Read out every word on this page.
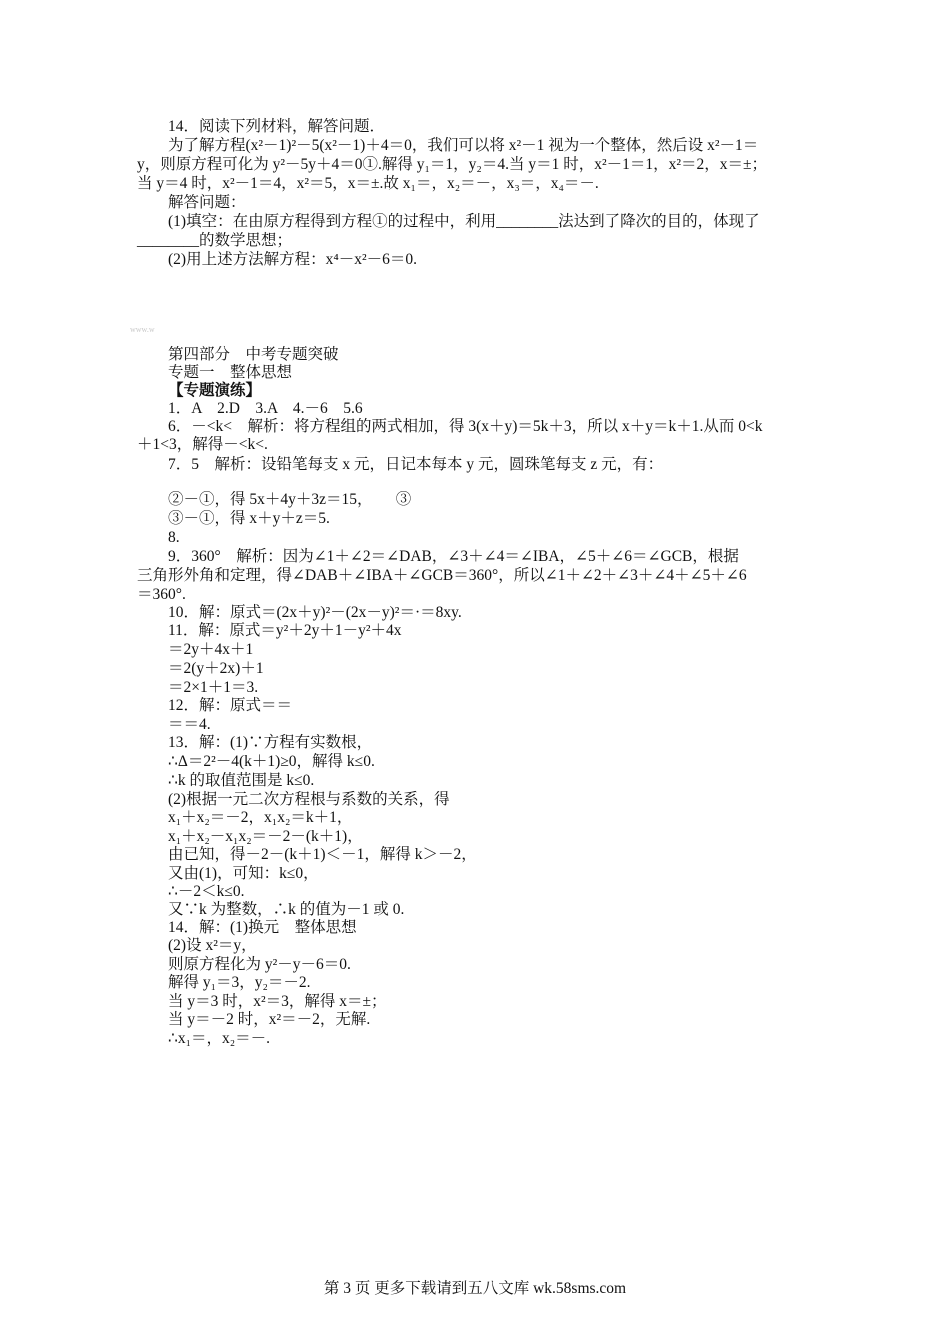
14．阅读下列材料，解答问题．
为了解方程(x²－1)²－5(x²－1)＋4＝0，我们可以将 x²－1 视为一个整体，然后设 x²－1＝
y，则原方程可化为 y²－5y＋4＝0①.解得 y₁＝1，y₂＝4.当 y＝1 时，x²－1＝1，x²＝2，x＝±；
当 y＝4 时，x²－1＝4，x²＝5，x＝±.故 x₁＝，x₂＝－，x₃＝，x₄＝－.
解答问题：
(1)填空：在由原方程得到方程①的过程中，利用________法达到了降次的目的，体现了
________的数学思想；
(2)用上述方法解方程：x⁴－x²－6＝0.
www.w
第四部分　中考专题突破
专题一　整体思想
【专题演练】
1．A　2.D　3.A　4.－6　5.6
6．－<k<　解析：将方程组的两式相加，得 3(x＋y)＝5k＋3，所以 x＋y＝k＋1.从而 0<k
＋1<3，解得－<k<.
7．5　解析：设铅笔每支 x 元，日记本每本 y 元，圆珠笔每支 z 元，有：
②－①，得 5x＋4y＋3z＝15，　　③
③－①，得 x＋y＋z＝5.
8.
9．360°　解析：因为∠1＋∠2＝∠DAB，∠3＋∠4＝∠IBA，∠5＋∠6＝∠GCB，根据
三角形外角和定理，得∠DAB＋∠IBA＋∠GCB＝360°，所以∠1＋∠2＋∠3＋∠4＋∠5＋∠6
＝360°.
10．解：原式＝(2x＋y)²－(2x－y)²＝·＝8xy.
11．解：原式＝y²＋2y＋1－y²＋4x
＝2y＋4x＋1
＝2(y＋2x)＋1
＝2×1＋1＝3.
12．解：原式＝＝
＝＝4.
13．解：(1)∵方程有实数根，
∴Δ＝2²－4(k＋1)≥0，解得 k≤0.
∴k 的取值范围是 k≤0.
(2)根据一元二次方程根与系数的关系，得
x₁＋x₂＝－2，x₁x₂＝k＋1，
x₁＋x₂－x₁x₂＝－2－(k＋1)，
由已知，得－2－(k＋1)＜－1，解得 k＞－2，
又由(1)，可知：k≤0，
∴－2＜k≤0.
又∵k 为整数，∴k 的值为－1 或 0.
14．解：(1)换元　整体思想
(2)设 x²＝y，
则原方程化为 y²－y－6＝0.
解得 y₁＝3，y₂＝－2.
当 y＝3 时，x²＝3，解得 x＝±；
当 y＝－2 时，x²＝－2，无解.
∴x₁＝，x₂＝－.
第 3 页 更多下载请到五八文库 wk.58sms.com
